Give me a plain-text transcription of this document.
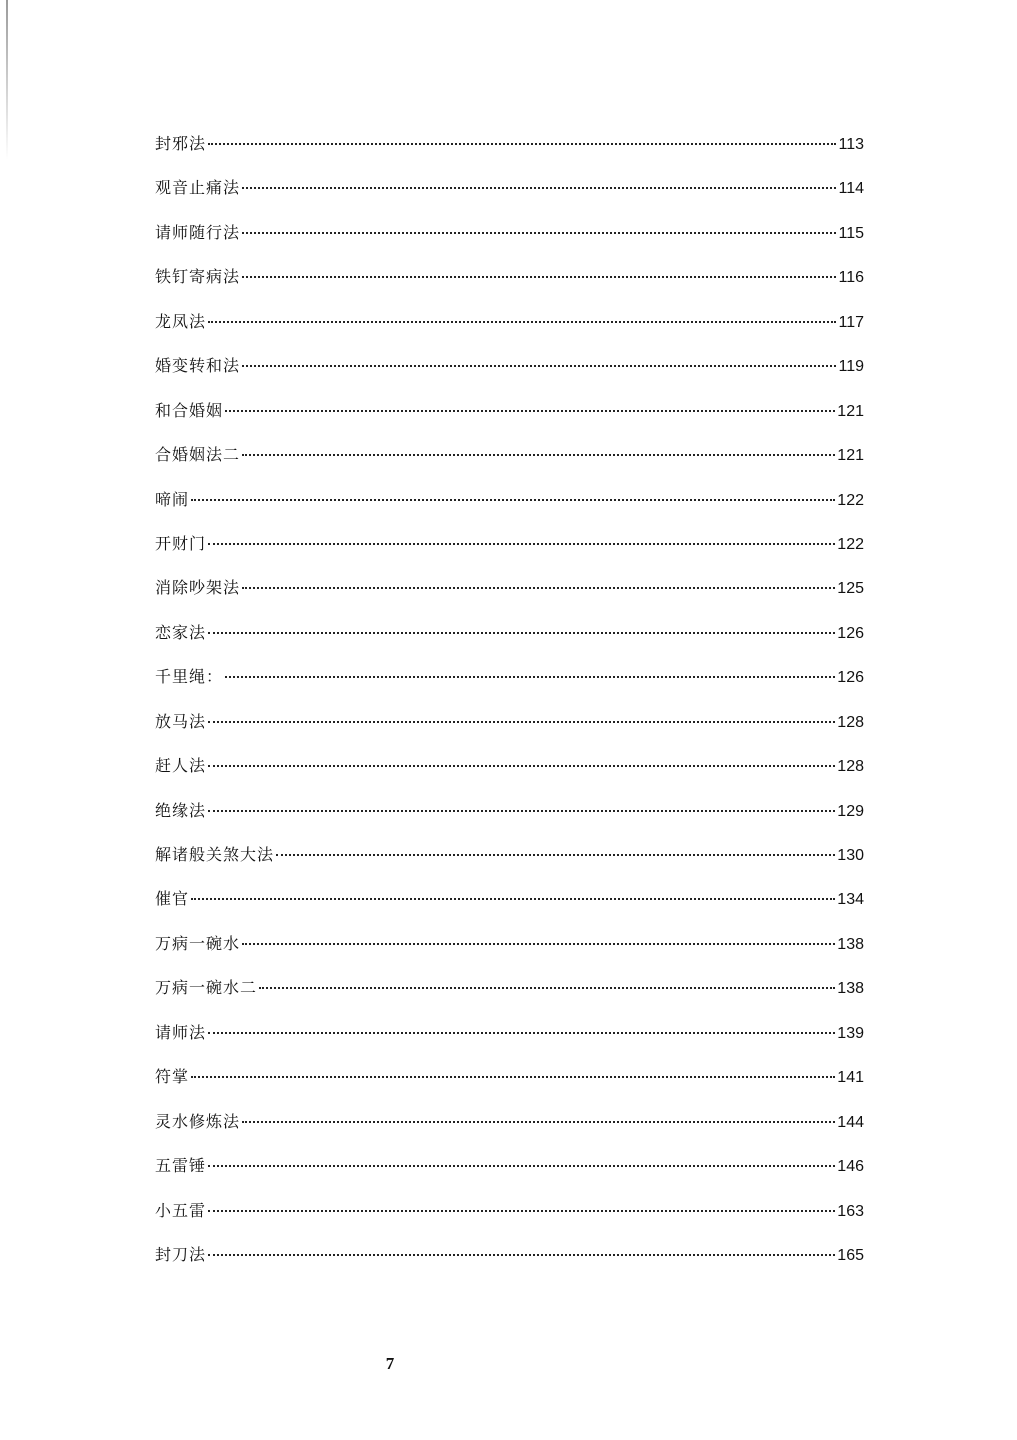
封邪法	113
观音止痛法	114
请师随行法	115
铁钉寄病法	116
龙凤法	117
婚变转和法	119
和合婚姻	121
合婚姻法二	121
啼闹	122
开财门	122
消除吵架法	125
恋家法	126
千里绳：	126
放马法	128
赶人法	128
绝缘法	129
解诸般关煞大法	130
催官	134
万病一碗水	138
万病一碗水二	138
请师法	139
符掌	141
灵水修炼法	144
五雷锤	146
小五雷	163
封刀法	165
7
